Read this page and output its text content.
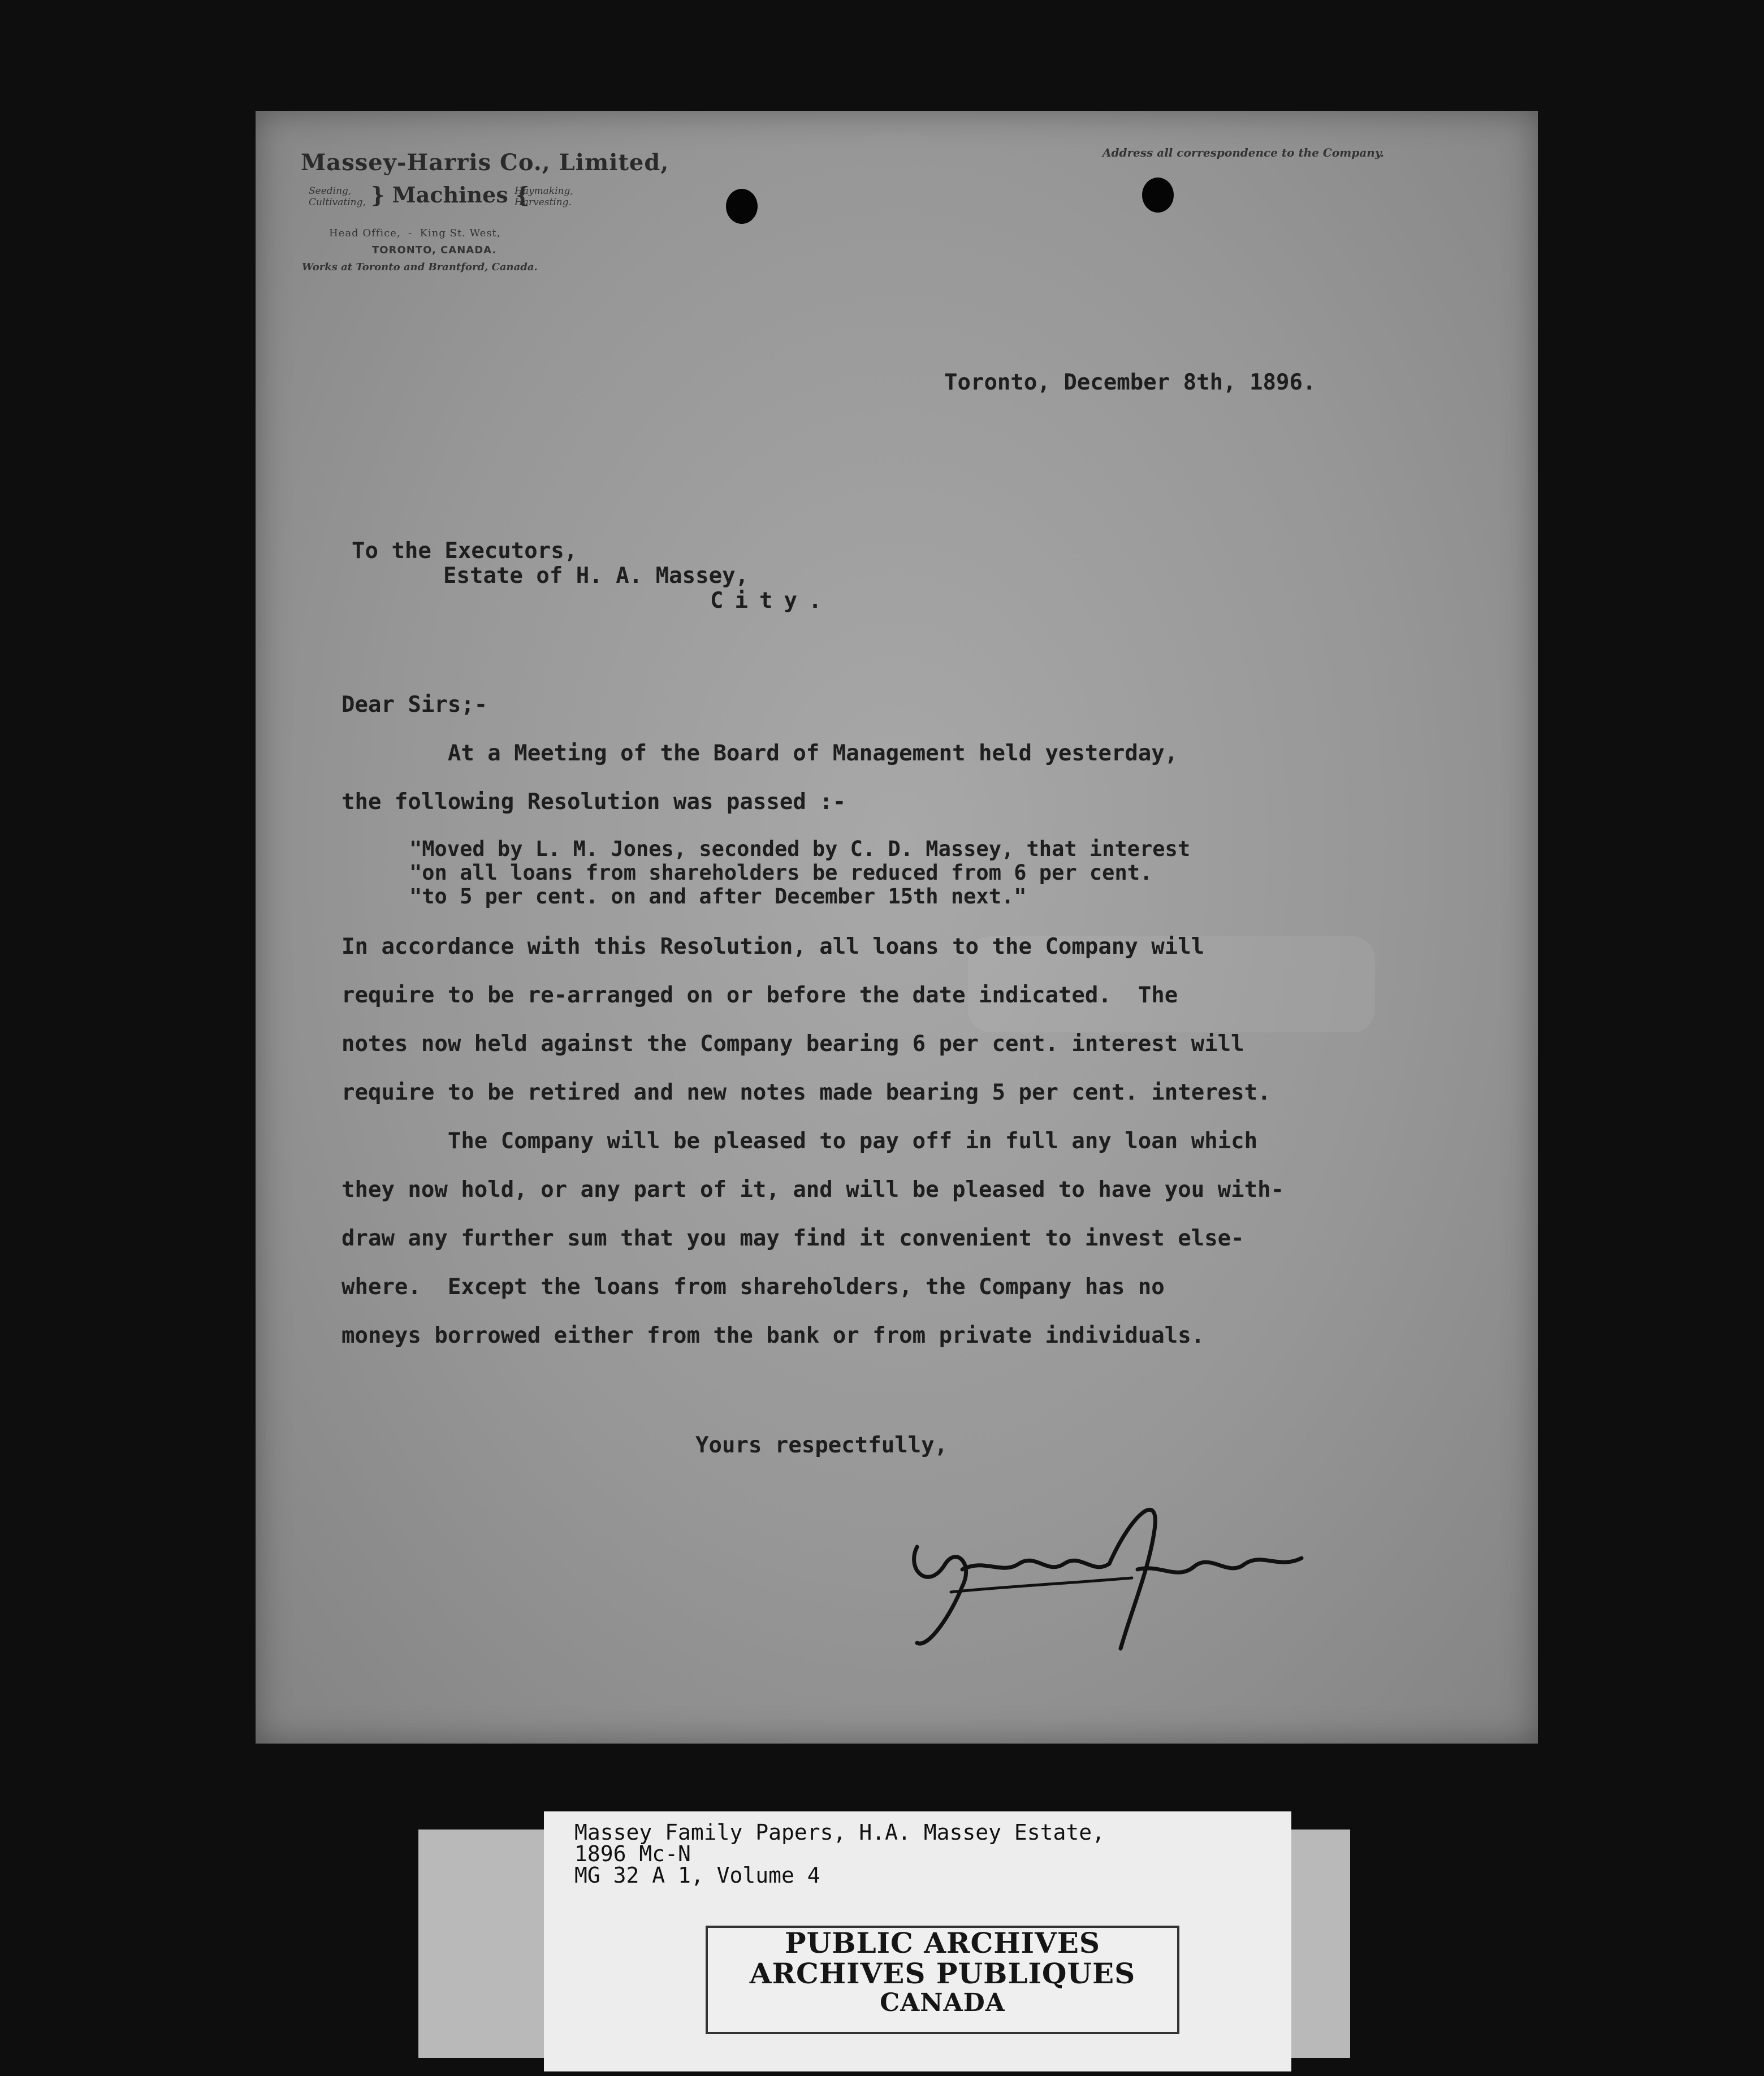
Massey-Harris Co., Limited,
Seeding,
Cultivating, } Machines {
Haymaking,
Harvesting.
Head Office,  -  King St. West,
TORONTO, CANADA.
Works at Toronto and Brantford, Canada.
Address all correspondence to the Company.
Toronto, December 8th, 1896.
To the Executors,
Estate of H. A. Massey,
City.
Dear Sirs;-
At a Meeting of the Board of Management held yesterday,
the following Resolution was passed :-
"Moved by L. M. Jones, seconded by C. D. Massey, that interest
"on all loans from shareholders be reduced from 6 per cent.
"to 5 per cent. on and after December 15th next."
In accordance with this Resolution, all loans to the Company will
require to be re-arranged on or before the date indicated.  The
notes now held against the Company bearing 6 per cent. interest will
require to be retired and new notes made bearing 5 per cent. interest.
The Company will be pleased to pay off in full any loan which
they now hold, or any part of it, and will be pleased to have you with-
draw any further sum that you may find it convenient to invest else-
where.  Except the loans from shareholders, the Company has no
moneys borrowed either from the bank or from private individuals.
Yours respectfully,
Massey Family Papers, H.A. Massey Estate,
1896 Mc-N
MG 32 A 1, Volume 4
PUBLIC ARCHIVES
ARCHIVES PUBLIQUES
CANADA
